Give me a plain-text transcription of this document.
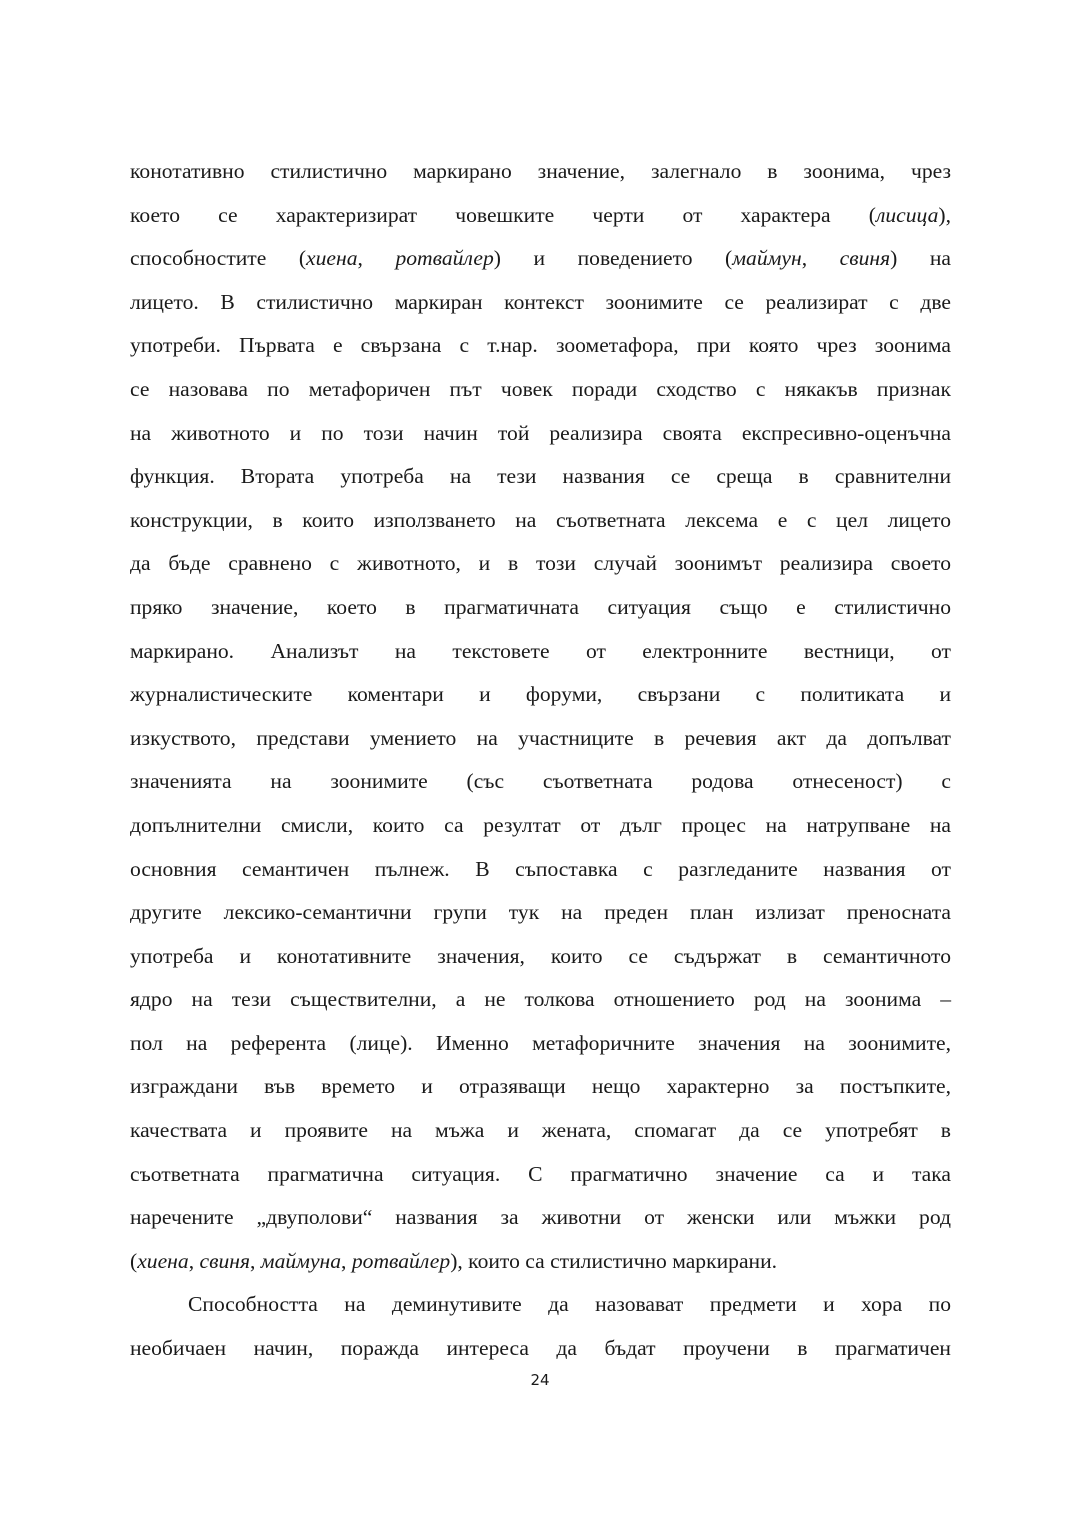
конотативно стилистично маркирано значение, залегнало в зоонима, чрез
което се характеризират човешките черти от характера (лисица),
способностите (хиена, ротвайлер) и поведението (маймун, свиня) на
лицето. В стилистично маркиран контекст зоонимите се реализират с две
употреби. Първата е свързана с т.нар. зоометафора, при която чрез зоонима
се назовава по метафоричен път човек поради сходство с някакъв признак
на животното и по този начин той реализира своята експресивно-оценъчна
функция. Втората употреба на тези названия се среща в сравнителни
конструкции, в които използването на съответната лексема е с цел лицето
да бъде сравнено с животното, и в този случай зоонимът реализира своето
пряко значение, което в прагматичната ситуация също е стилистично
маркирано. Анализът на текстовете от електронните вестници, от
журналистическите коментари и форуми, свързани с политиката и
изкуството, представи умението на участниците в речевия акт да допълват
значенията на зоонимите (със съответната родова отнесеност) с
допълнителни смисли, които са резултат от дълг процес на натрупване на
основния семантичен пълнеж. В съпоставка с разгледаните названия от
другите лексико-семантични групи тук на преден план излизат преносната
употреба и конотативните значения, които се съдържат в семантичното
ядро на тези съществителни, а не толкова отношението род на зоонима –
пол на референта (лице). Именно метафоричните значения на зоонимите,
изграждани във времето и отразяващи нещо характерно за постъпките,
качествата и проявите на мъжа и жената, спомагат да се употребят в
съответната прагматична ситуация. С прагматично значение са и така
наречените „двуполови“ названия за животни от женски или мъжки род
(хиена, свиня, маймуна, ротвайлер), които са стилистично маркирани.
Способността на деминутивите да назовават предмети и хора по
необичаен начин, поражда интереса да бъдат проучени в прагматичен
24
